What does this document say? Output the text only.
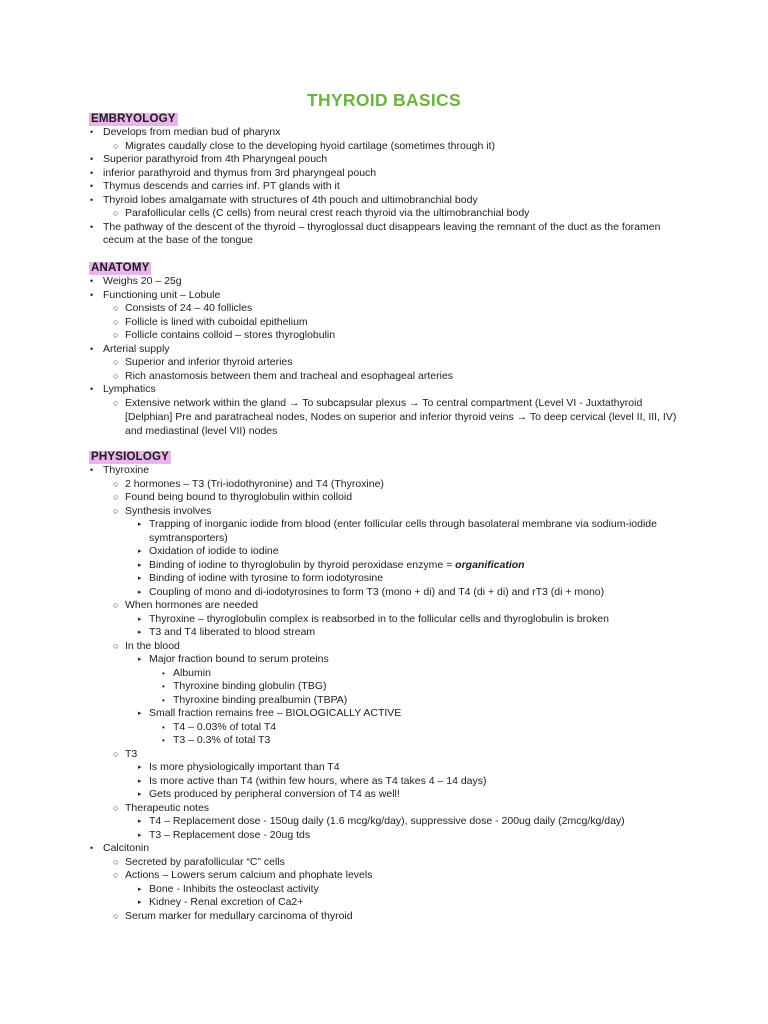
THYROID BASICS
EMBRYOLOGY
• Develops from median bud of pharynx
○ Migrates caudally close to the developing hyoid cartilage (sometimes through it)
• Superior parathyroid from 4th Pharyngeal pouch
• inferior parathyroid and thymus from 3rd pharyngeal pouch
• Thymus descends and carries inf. PT glands with it
• Thyroid lobes amalgamate with structures of 4th pouch and ultimobranchial body
○ Parafollicular cells (C cells) from neural crest reach thyroid via the ultimobranchial body
• The pathway of the descent of the thyroid – thyroglossal duct disappears leaving the remnant of the duct as the foramen
cecum at the base of the tongue
ANATOMY
• Weighs 20 – 25g
• Functioning unit – Lobule
○ Consists of 24 – 40 follicles
○ Follicle is lined with cuboidal epithelium
○ Follicle contains colloid – stores thyroglobulin
• Arterial supply
○ Superior and inferior thyroid arteries
○ Rich anastomosis between them and tracheal and esophageal arteries
• Lymphatics
○ Extensive network within the gland → To subcapsular plexus → To central compartment (Level VI - Juxtathyroid
[Delphian] Pre and paratracheal nodes, Nodes on superior and inferior thyroid veins → To deep cervical (level II, III, IV)
and mediastinal (level VII) nodes
PHYSIOLOGY
• Thyroxine
○ 2 hormones – T3 (Tri-iodothyronine) and T4 (Thyroxine)
○ Found being bound to thyroglobulin within colloid
○ Synthesis involves
▸ Trapping of inorganic iodide from blood (enter follicular cells through basolateral membrane via sodium-iodide
symtransporters)
▸ Oxidation of iodide to iodine
▸ Binding of iodine to thyroglobulin by thyroid peroxidase enzyme = organification
▸ Binding of iodine with tyrosine to form iodotyrosine
▸ Coupling of mono and di-iodotyrosines to form T3 (mono + di) and T4 (di + di) and rT3 (di + mono)
○ When hormones are needed
▸ Thyroxine – thyroglobulin complex is reabsorbed in to the follicular cells and thyroglobulin is broken
▸ T3 and T4 liberated to blood stream
○ In the blood
▸ Major fraction bound to serum proteins
• Albumin
• Thyroxine binding globulin (TBG)
• Thyroxine binding prealbumin (TBPA)
▸ Small fraction remains free – BIOLOGICALLY ACTIVE
• T4 – 0.03% of total T4
• T3 – 0.3% of total T3
○ T3
▸ Is more physiologically important than T4
▸ Is more active than T4 (within few hours, where as T4 takes 4 – 14 days)
▸ Gets produced by peripheral conversion of T4 as well!
○ Therapeutic notes
▸ T4 – Replacement dose - 150ug daily (1.6 mcg/kg/day), suppressive dose - 200ug daily (2mcg/kg/day)
▸ T3 – Replacement dose - 20ug tds
• Calcitonin
○ Secreted by parafollicular “C” cells
○ Actions – Lowers serum calcium and phophate levels
▸ Bone - Inhibits the osteoclast activity
▸ Kidney - Renal excretion of Ca2+
○ Serum marker for medullary carcinoma of thyroid
